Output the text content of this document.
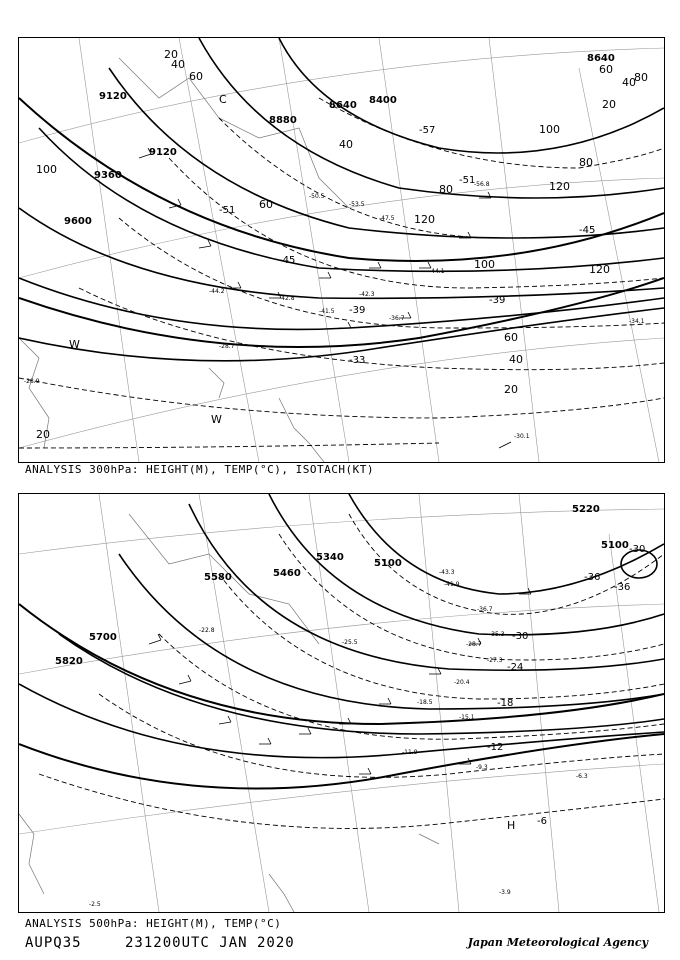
8640
8400
8640
8880
9120
9360
9600
9120
-51
-45
-39
-33
-51
-57
-45
-39
20
40
60
80
100
120
40
60
80
100
120
120
60
20
20
40
60
80
100
40
20
C
W
W
-50.5
-47.5
-44.2
-42.8
-41.5
-36.7	-34.1
-30.1
-28.7
-28.9
-42.3
-44.1
-53.5
-56.8
ANALYSIS 300hPa: HEIGHT(M), TEMP(°C), ISOTACH(KT)
5220
5100
5100
5340
5460
5580
5700
5820
-30
-36
-36
-30
-24
-18
-12
-6
H
-43.3
-41.9
-36.7
-35.3
-28.7
-27.3
-25.5
-22.8
-20.4
-18.5
-15.1
-11.9
-9.3
-6.3
-3.9
-2.5
ANALYSIS 500hPa: HEIGHT(M), TEMP(°C)
AUPQ35	231200UTC JAN 2020	Japan Meteorological Agency
